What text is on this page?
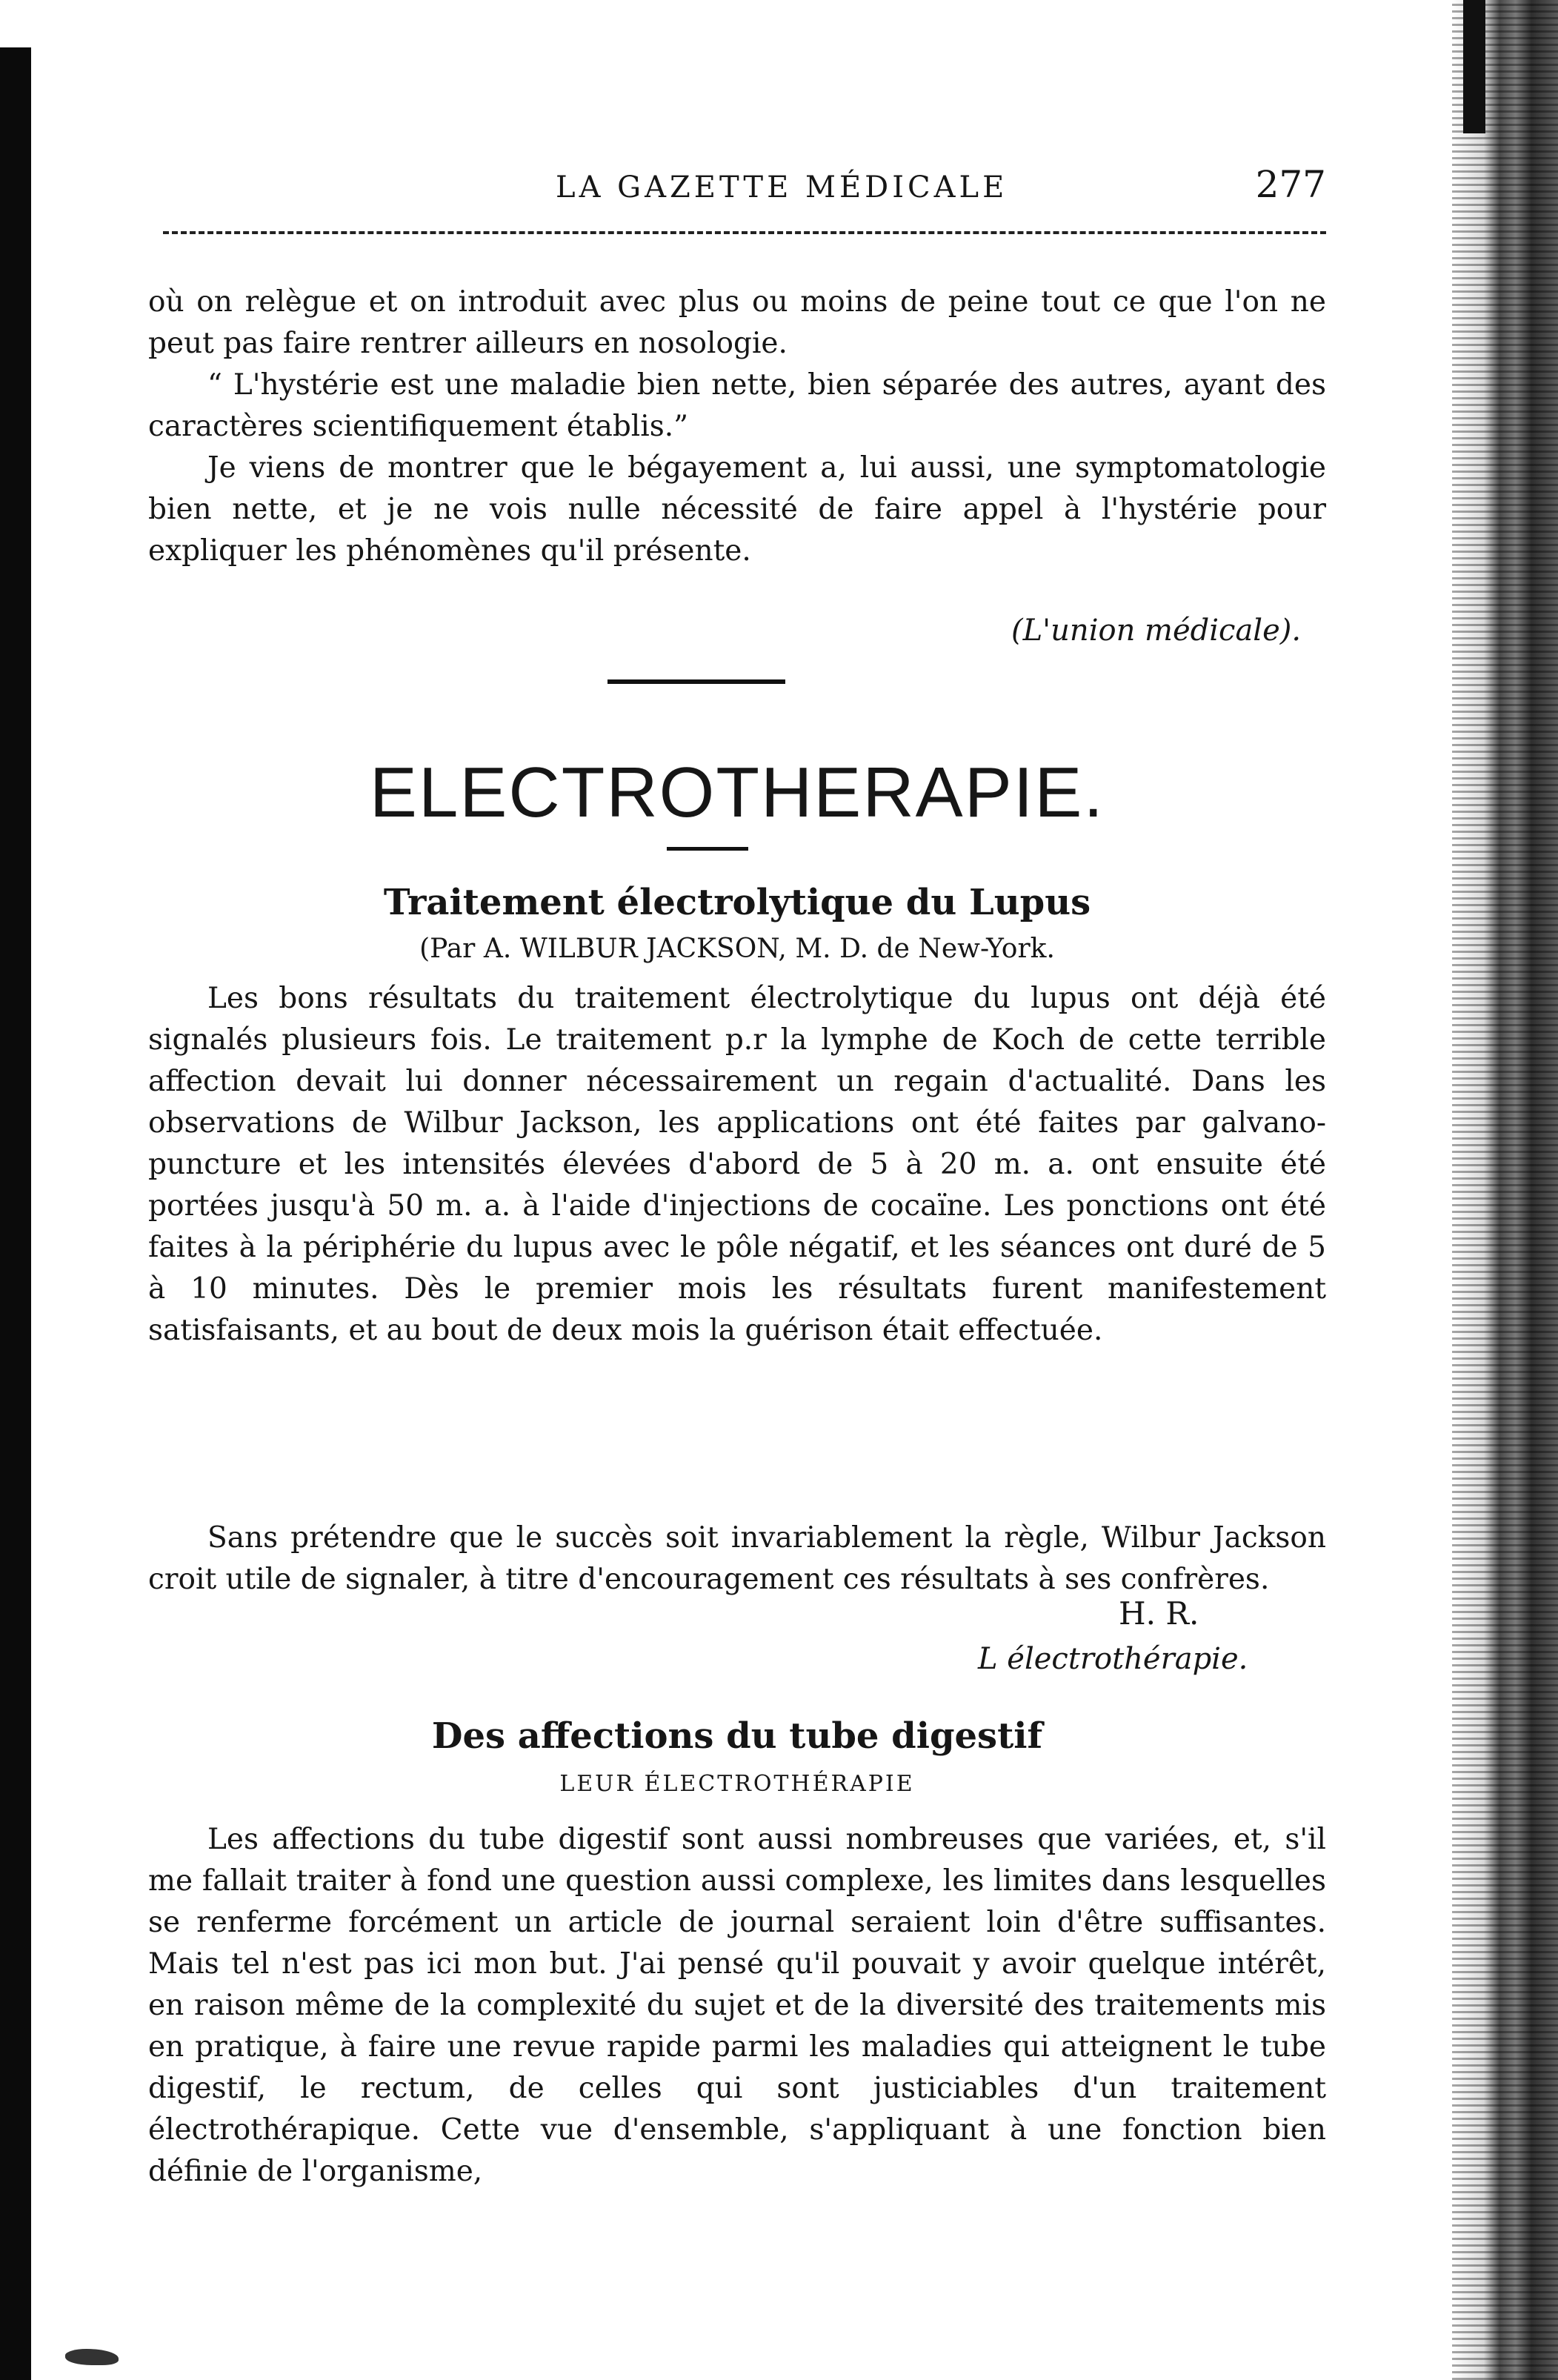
LA GAZETTE MÉDICALE	277

où on relègue et on introduit avec plus ou moins de peine tout ce que l'on ne peut pas faire rentrer ailleurs en nosologie.

“ L'hystérie est une maladie bien nette, bien séparée des autres, ayant des caractères scientifiquement établis.”

Je viens de montrer que le bégayement a, lui aussi, une symptomatologie bien nette, et je ne vois nulle nécessité de faire appel à l'hystérie pour expliquer les phénomènes qu'il présente.

(L'union médicale).
ELECTROTHERAPIE.
Traitement électrolytique du Lupus
(Par A. WILBUR JACKSON, M. D. de New-York.

Les bons résultats du traitement électrolytique du lupus ont déjà été signalés plusieurs fois. Le traitement p.r la lymphe de Koch de cette terrible affection devait lui donner nécessairement un regain d'actualité. Dans les observations de Wilbur Jackson, les applications ont été faites par galvano-puncture et les intensités élevées d'abord de 5 à 20 m. a. ont ensuite été portées jusqu'à 50 m. a. à l'aide d'injections de cocaïne. Les ponctions ont été faites à la périphérie du lupus avec le pôle négatif, et les séances ont duré de 5 à 10 minutes. Dès le premier mois les résultats furent manifestement satisfaisants, et au bout de deux mois la guérison était effectuée.

Sans prétendre que le succès soit invariablement la règle, Wilbur Jackson croit utile de signaler, à titre d'encouragement ces résultats à ses confrères.

H. R.
L électrothérapie.
Des affections du tube digestif
LEUR ÉLECTROTHÉRAPIE

Les affections du tube digestif sont aussi nombreuses que variées, et, s'il me fallait traiter à fond une question aussi complexe, les limites dans lesquelles se renferme forcément un article de journal seraient loin d'être suffisantes. Mais tel n'est pas ici mon but. J'ai pensé qu'il pouvait y avoir quelque intérêt, en raison même de la complexité du sujet et de la diversité des traitements mis en pratique, à faire une revue rapide parmi les maladies qui atteignent le tube digestif, le rectum, de celles qui sont justiciables d'un traitement électrothérapique. Cette vue d'ensemble, s'appliquant à une fonction bien définie de l'organisme,
